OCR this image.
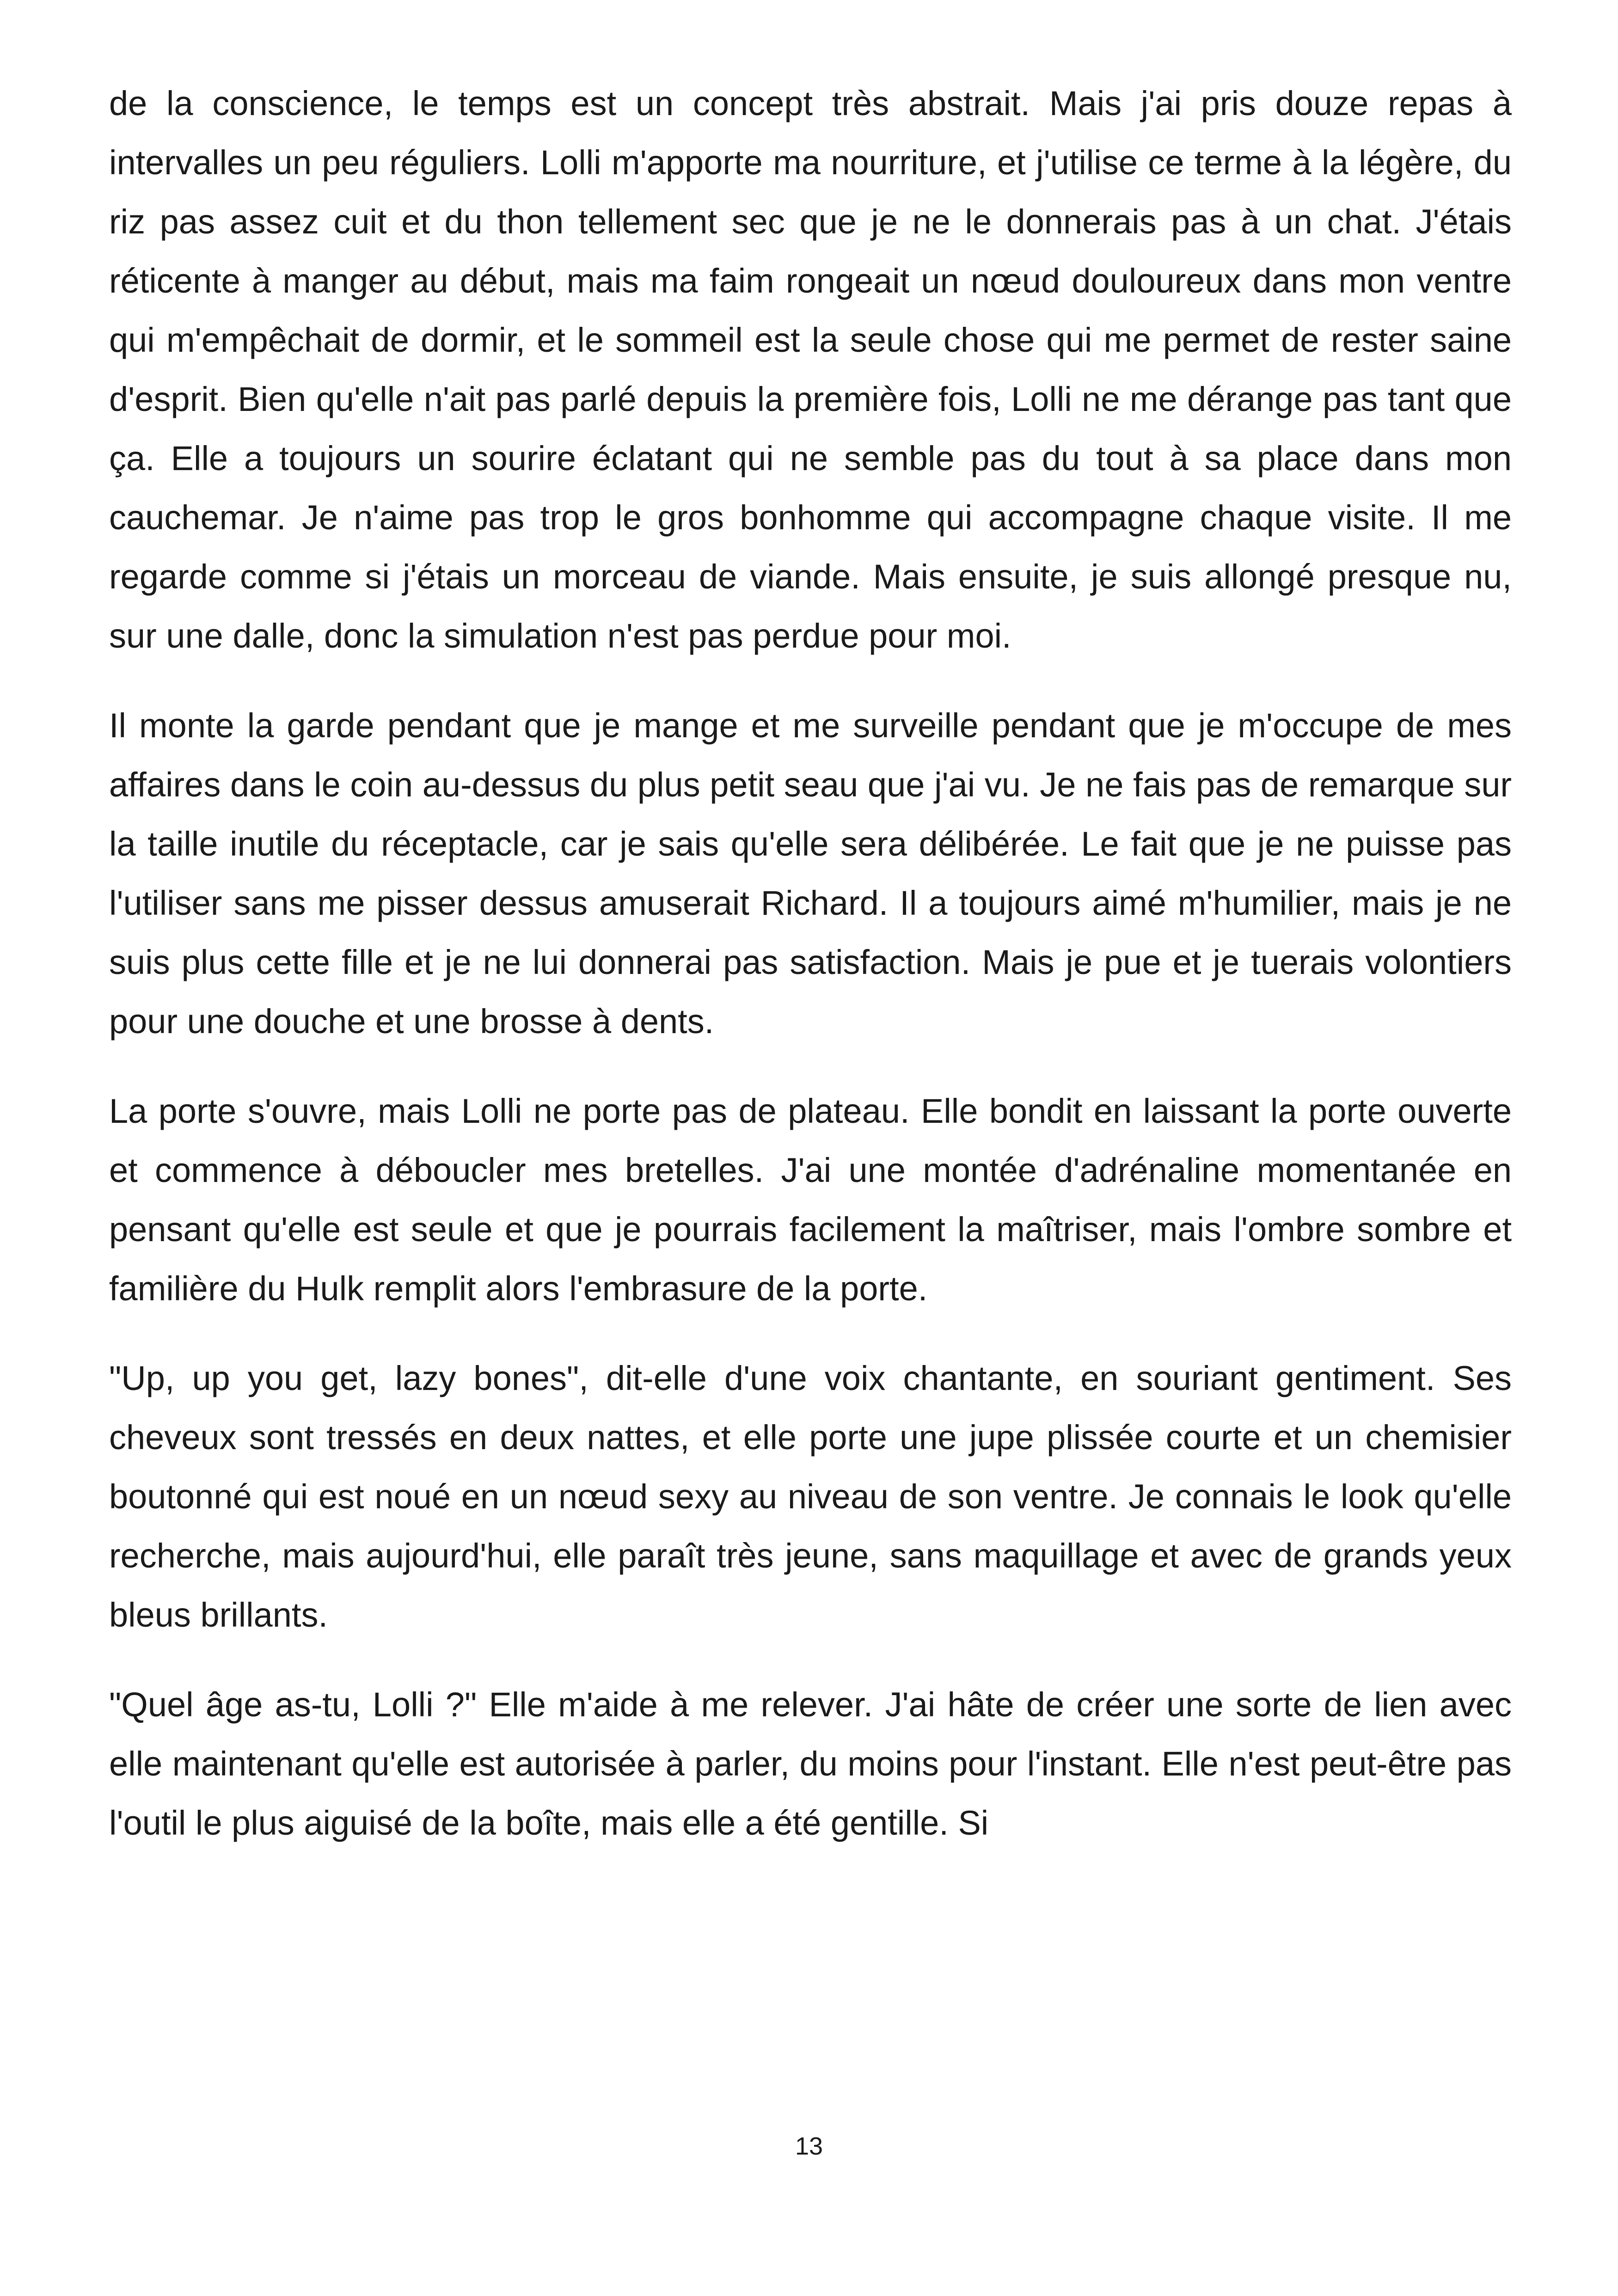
de la conscience, le temps est un concept très abstrait. Mais j'ai pris douze repas à intervalles un peu réguliers. Lolli m'apporte ma nourriture, et j'utilise ce terme à la légère, du riz pas assez cuit et du thon tellement sec que je ne le donnerais pas à un chat. J'étais réticente à manger au début, mais ma faim rongeait un nœud douloureux dans mon ventre qui m'empêchait de dormir, et le sommeil est la seule chose qui me permet de rester saine d'esprit. Bien qu'elle n'ait pas parlé depuis la première fois, Lolli ne me dérange pas tant que ça. Elle a toujours un sourire éclatant qui ne semble pas du tout à sa place dans mon cauchemar. Je n'aime pas trop le gros bonhomme qui accompagne chaque visite. Il me regarde comme si j'étais un morceau de viande. Mais ensuite, je suis allongé presque nu, sur une dalle, donc la simulation n'est pas perdue pour moi.

Il monte la garde pendant que je mange et me surveille pendant que je m'occupe de mes affaires dans le coin au-dessus du plus petit seau que j'ai vu. Je ne fais pas de remarque sur la taille inutile du réceptacle, car je sais qu'elle sera délibérée. Le fait que je ne puisse pas l'utiliser sans me pisser dessus amuserait Richard. Il a toujours aimé m'humilier, mais je ne suis plus cette fille et je ne lui donnerai pas satisfaction. Mais je pue et je tuerais volontiers pour une douche et une brosse à dents.

La porte s'ouvre, mais Lolli ne porte pas de plateau. Elle bondit en laissant la porte ouverte et commence à déboucler mes bretelles. J'ai une montée d'adrénaline momentanée en pensant qu'elle est seule et que je pourrais facilement la maîtriser, mais l'ombre sombre et familière du Hulk remplit alors l'embrasure de la porte.

"Up, up you get, lazy bones", dit-elle d'une voix chantante, en souriant gentiment. Ses cheveux sont tressés en deux nattes, et elle porte une jupe plissée courte et un chemisier boutonné qui est noué en un nœud sexy au niveau de son ventre. Je connais le look qu'elle recherche, mais aujourd'hui, elle paraît très jeune, sans maquillage et avec de grands yeux bleus brillants.

"Quel âge as-tu, Lolli ?" Elle m'aide à me relever. J'ai hâte de créer une sorte de lien avec elle maintenant qu'elle est autorisée à parler, du moins pour l'instant. Elle n'est peut-être pas l'outil le plus aiguisé de la boîte, mais elle a été gentille. Si

13
